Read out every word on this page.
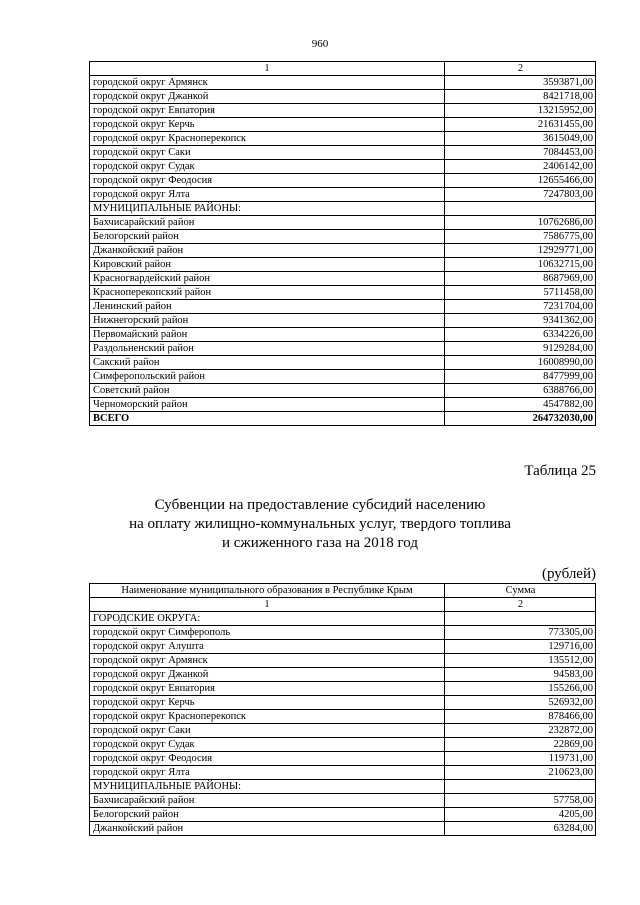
960
1	2
городской округ Армянск	3593871,00
городской округ Джанкой	8421718,00
городской округ Евпатория	13215952,00
городской округ Керчь	21631455,00
городской округ Красноперекопск	3615049,00
городской округ Саки	7084453,00
городской округ Судак	2406142,00
городской округ Феодосия	12655466,00
городской округ Ялта	7247803,00
МУНИЦИПАЛЬНЫЕ РАЙОНЫ:	
Бахчисарайский район	10762686,00
Белогорский район	7586775,00
Джанкойский район	12929771,00
Кировский район	10632715,00
Красногвардейский район	8687969,00
Красноперекопский район	5711458,00
Ленинский район	7231704,00
Нижнегорский район	9341362,00
Первомайский район	6334226,00
Раздольненский район	9129284,00
Сакский район	16008990,00
Симферопольский район	8477999,00
Советский район	6388766,00
Черноморский район	4547882,00
ВСЕГО	264732030,00
Таблица 25
Субвенции на предоставление субсидий населению
на оплату жилищно-коммунальных услуг, твердого топлива
и сжиженного газа на 2018 год
(рублей)
Наименование муниципального образования в Республике Крым	Сумма
1	2
ГОРОДСКИЕ ОКРУГА:	
городской округ Симферополь	773305,00
городской округ Алушта	129716,00
городской округ Армянск	135512,00
городской округ Джанкой	94583,00
городской округ Евпатория	155266,00
городской округ Керчь	526932,00
городской округ Красноперекопск	878466,00
городской округ Саки	232872,00
городской округ Судак	22869,00
городской округ Феодосия	119731,00
городской округ Ялта	210623,00
МУНИЦИПАЛЬНЫЕ РАЙОНЫ:	
Бахчисарайский район	57758,00
Белогорский район	4205,00
Джанкойский район	63284,00
